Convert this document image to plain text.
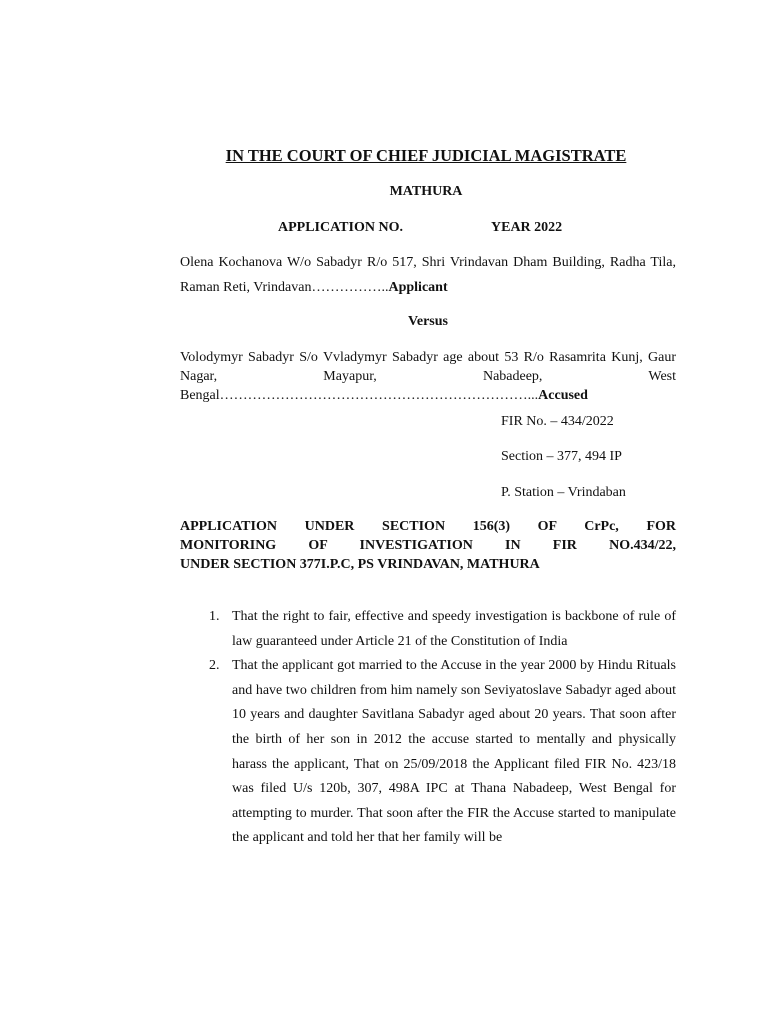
IN THE COURT OF CHIEF JUDICIAL MAGISTRATE
MATHURA
APPLICATION NO.	YEAR 2022
Olena Kochanova W/o Sabadyr R/o 517, Shri Vrindavan Dham Building, Radha Tila, Raman Reti, Vrindavan……………..Applicant
Versus
Volodymyr Sabadyr S/o Vvladymyr Sabadyr age about 53 R/o Rasamrita Kunj, Gaur Nagar, Mayapur, Nabadeep, West Bengal…………………………………………………………...Accused
FIR No. – 434/2022
Section – 377, 494 IP
P. Station – Vrindaban
APPLICATION UNDER SECTION 156(3) OF CrPc, FOR
MONITORING OF INVESTIGATION IN FIR NO.434/22,
UNDER SECTION 377I.P.C, PS VRINDAVAN, MATHURA
1. That the right to fair, effective and speedy investigation is backbone of rule of law guaranteed under Article 21 of the Constitution of India
2. That the applicant got married to the Accuse in the year 2000 by Hindu Rituals and have two children from him namely son Seviyatoslave Sabadyr aged about 10 years and daughter Savitlana Sabadyr aged about 20 years. That soon after the birth of her son in 2012 the accuse started to mentally and physically harass the applicant, That on 25/09/2018 the Applicant filed FIR No. 423/18 was filed U/s 120b, 307, 498A IPC at Thana Nabadeep, West Bengal for attempting to murder. That soon after the FIR the Accuse started to manipulate the applicant and told her that her family will be
